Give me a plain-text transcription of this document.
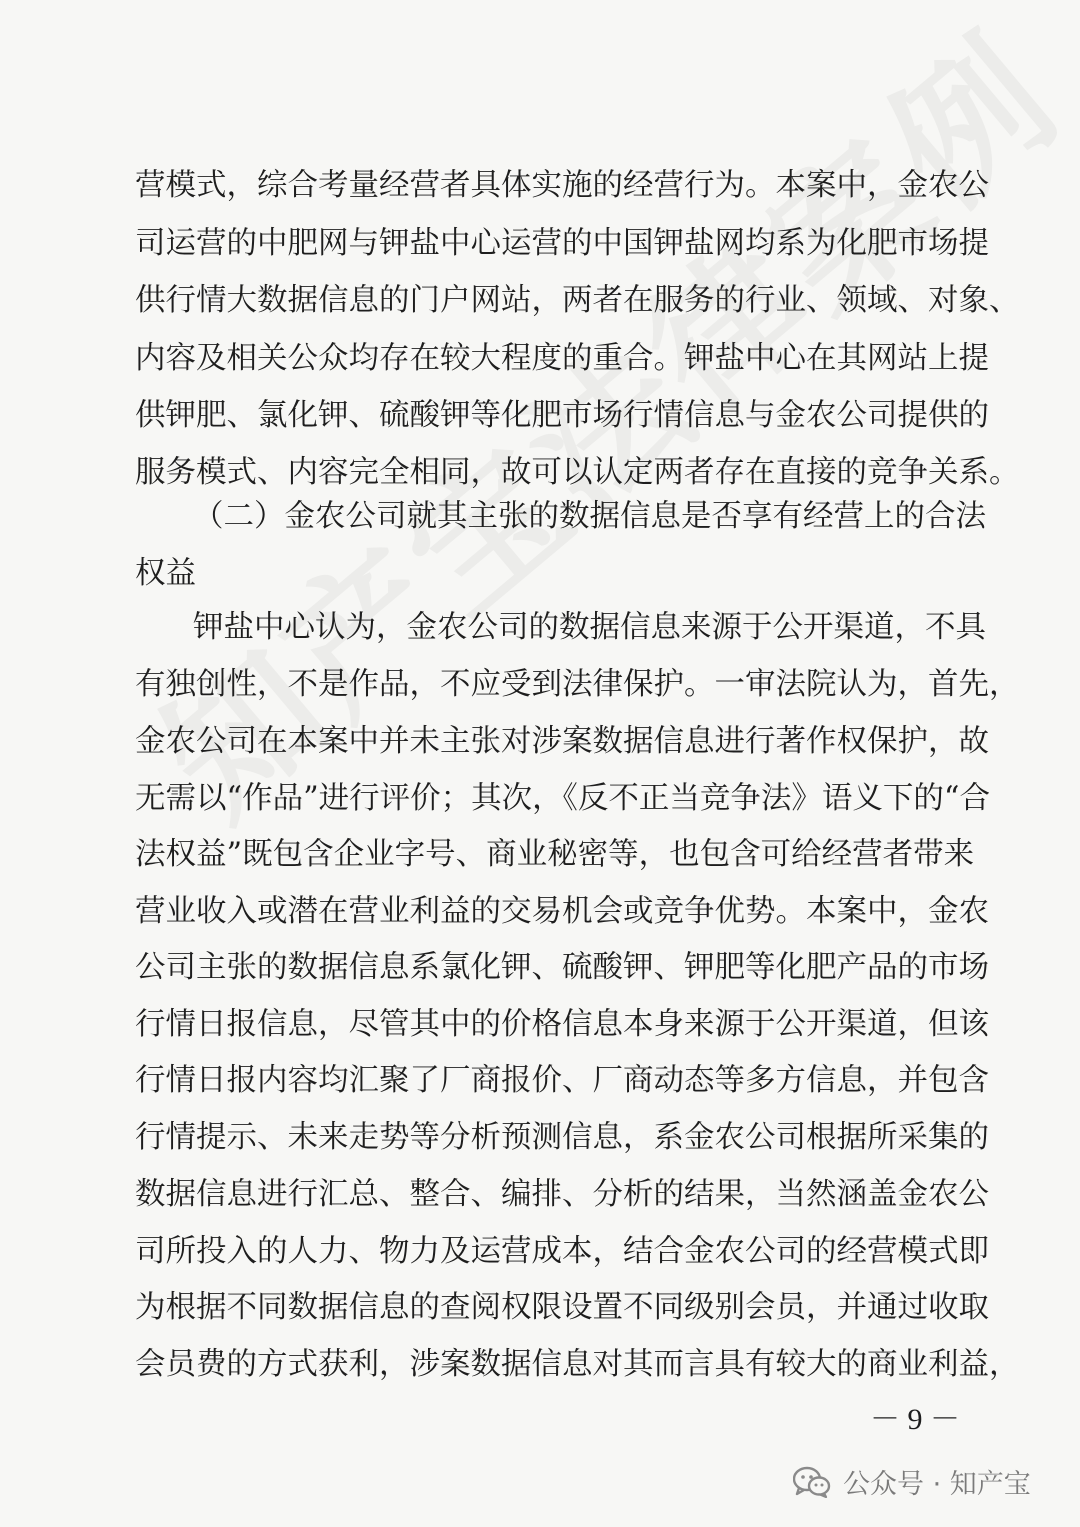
营模式，综合考量经营者具体实施的经营行为。本案中，金农公
司运营的中肥网与钾盐中心运营的中国钾盐网均系为化肥市场提
供行情大数据信息的门户网站，两者在服务的行业、领域、对象、
内容及相关公众均存在较大程度的重合。钾盐中心在其网站上提
供钾肥、氯化钾、硫酸钾等化肥市场行情信息与金农公司提供的
服务模式、内容完全相同，故可以认定两者存在直接的竞争关系。
（二）金农公司就其主张的数据信息是否享有经营上的合法
权益
钾盐中心认为，金农公司的数据信息来源于公开渠道，不具
有独创性，不是作品，不应受到法律保护。一审法院认为，首先，
金农公司在本案中并未主张对涉案数据信息进行著作权保护，故
无需以“作品”进行评价；其次，《反不正当竞争法》语义下的“合
法权益”既包含企业字号、商业秘密等，也包含可给经营者带来
营业收入或潜在营业利益的交易机会或竞争优势。本案中，金农
公司主张的数据信息系氯化钾、硫酸钾、钾肥等化肥产品的市场
行情日报信息，尽管其中的价格信息本身来源于公开渠道，但该
行情日报内容均汇聚了厂商报价、厂商动态等多方信息，并包含
行情提示、未来走势等分析预测信息，系金农公司根据所采集的
数据信息进行汇总、整合、编排、分析的结果，当然涵盖金农公
司所投入的人力、物力及运营成本，结合金农公司的经营模式即
为根据不同数据信息的查阅权限设置不同级别会员，并通过收取
会员费的方式获利，涉案数据信息对其而言具有较大的商业利益，
－ 9 －
公众号 · 知产宝
